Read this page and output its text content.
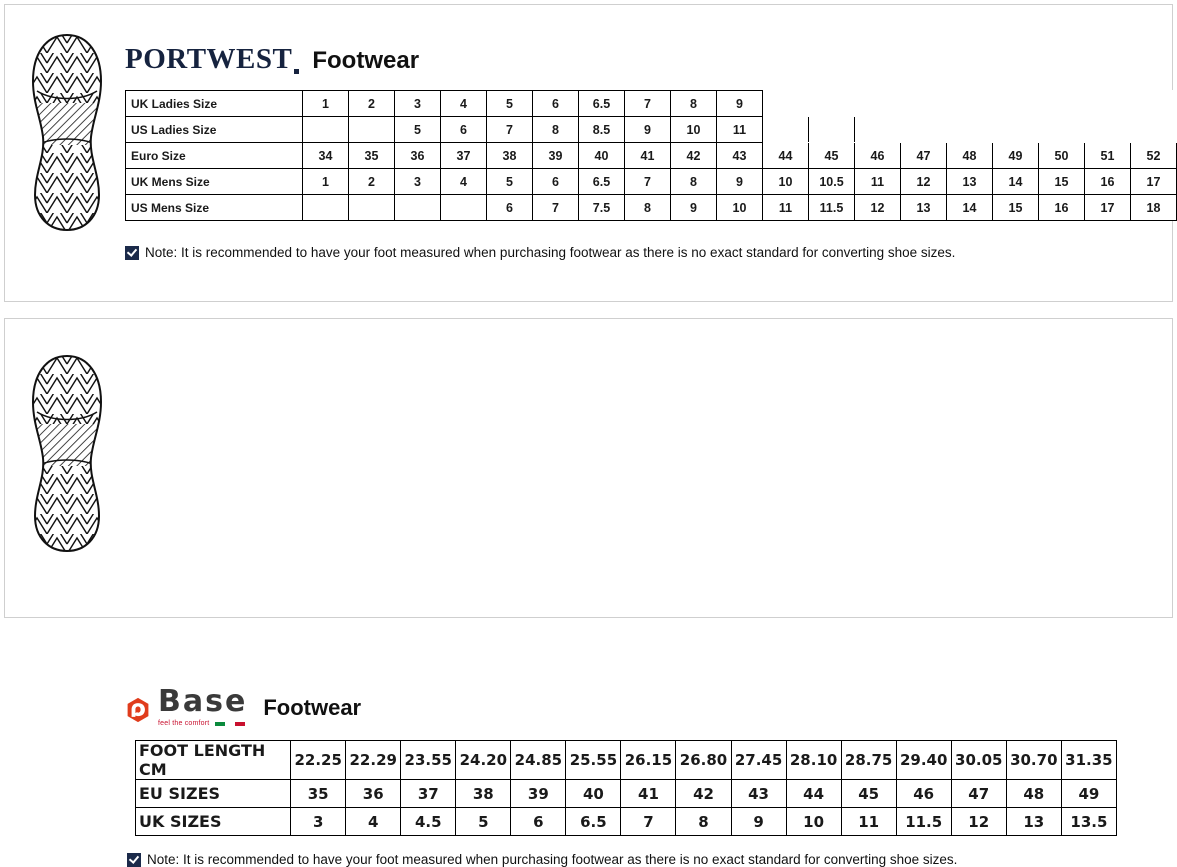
PORTWEST Footwear
UK Ladies Size	1	2	3	4	5	6	6.5	7	8	9									
US Ladies Size			5	6	7	8	8.5	9	10	11									
Euro Size	34	35	36	37	38	39	40	41	42	43	44	45	46	47	48	49	50	51	52
UK Mens Size	1	2	3	4	5	6	6.5	7	8	9	10	10.5	11	12	13	14	15	16	17
US Mens Size					6	7	7.5	8	9	10	11	11.5	12	13	14	15	16	17	18
Note: It is recommended to have your foot measured when purchasing footwear as there is no exact standard for converting shoe sizes.
Base
feel the comfort
Footwear
FOOT LENGTH CM	22.25	22.29	23.55	24.20	24.85	25.55	26.15	26.80	27.45	28.10	28.75	29.40	30.05	30.70	31.35
EU SIZES	35	36	37	38	39	40	41	42	43	44	45	46	47	48	49
UK SIZES	3	4	4.5	5	6	6.5	7	8	9	10	11	11.5	12	13	13.5
Note: It is recommended to have your foot measured when purchasing footwear as there is no exact standard for converting shoe sizes.
